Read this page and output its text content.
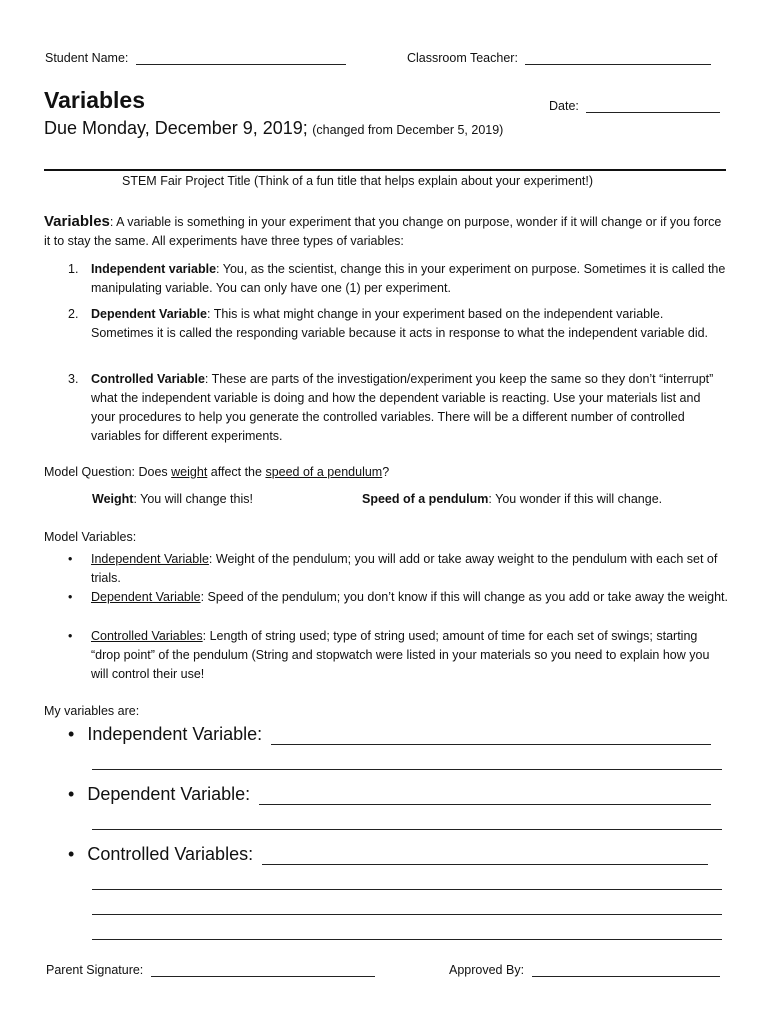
Student Name:	Classroom Teacher:
Variables	Date:
Due Monday, December 9, 2019; (changed from December 5, 2019)
STEM Fair Project Title (Think of a fun title that helps explain about your experiment!)
Variables: A variable is something in your experiment that you change on purpose, wonder if it will change or if you force it to stay the same. All experiments have three types of variables:
1. Independent variable: You, as the scientist, change this in your experiment on purpose. Sometimes it is called the manipulating variable. You can only have one (1) per experiment.
2. Dependent Variable: This is what might change in your experiment based on the independent variable. Sometimes it is called the responding variable because it acts in response to what the independent variable did.
3. Controlled Variable: These are parts of the investigation/experiment you keep the same so they don’t “interrupt” what the independent variable is doing and how the dependent variable is reacting. Use your materials list and your procedures to help you generate the controlled variables. There will be a different number of controlled variables for different experiments.
Model Question: Does weight affect the speed of a pendulum?
Weight: You will change this!	Speed of a pendulum: You wonder if this will change.
Model Variables:
• Independent Variable: Weight of the pendulum; you will add or take away weight to the pendulum with each set of trials.
• Dependent Variable: Speed of the pendulum; you don’t know if this will change as you add or take away the weight.
• Controlled Variables: Length of string used; type of string used; amount of time for each set of swings; starting “drop point” of the pendulum (String and stopwatch were listed in your materials so you need to explain how you will control their use!
My variables are:
• Independent Variable:
• Dependent Variable:
• Controlled Variables:
Parent Signature:	Approved By:
